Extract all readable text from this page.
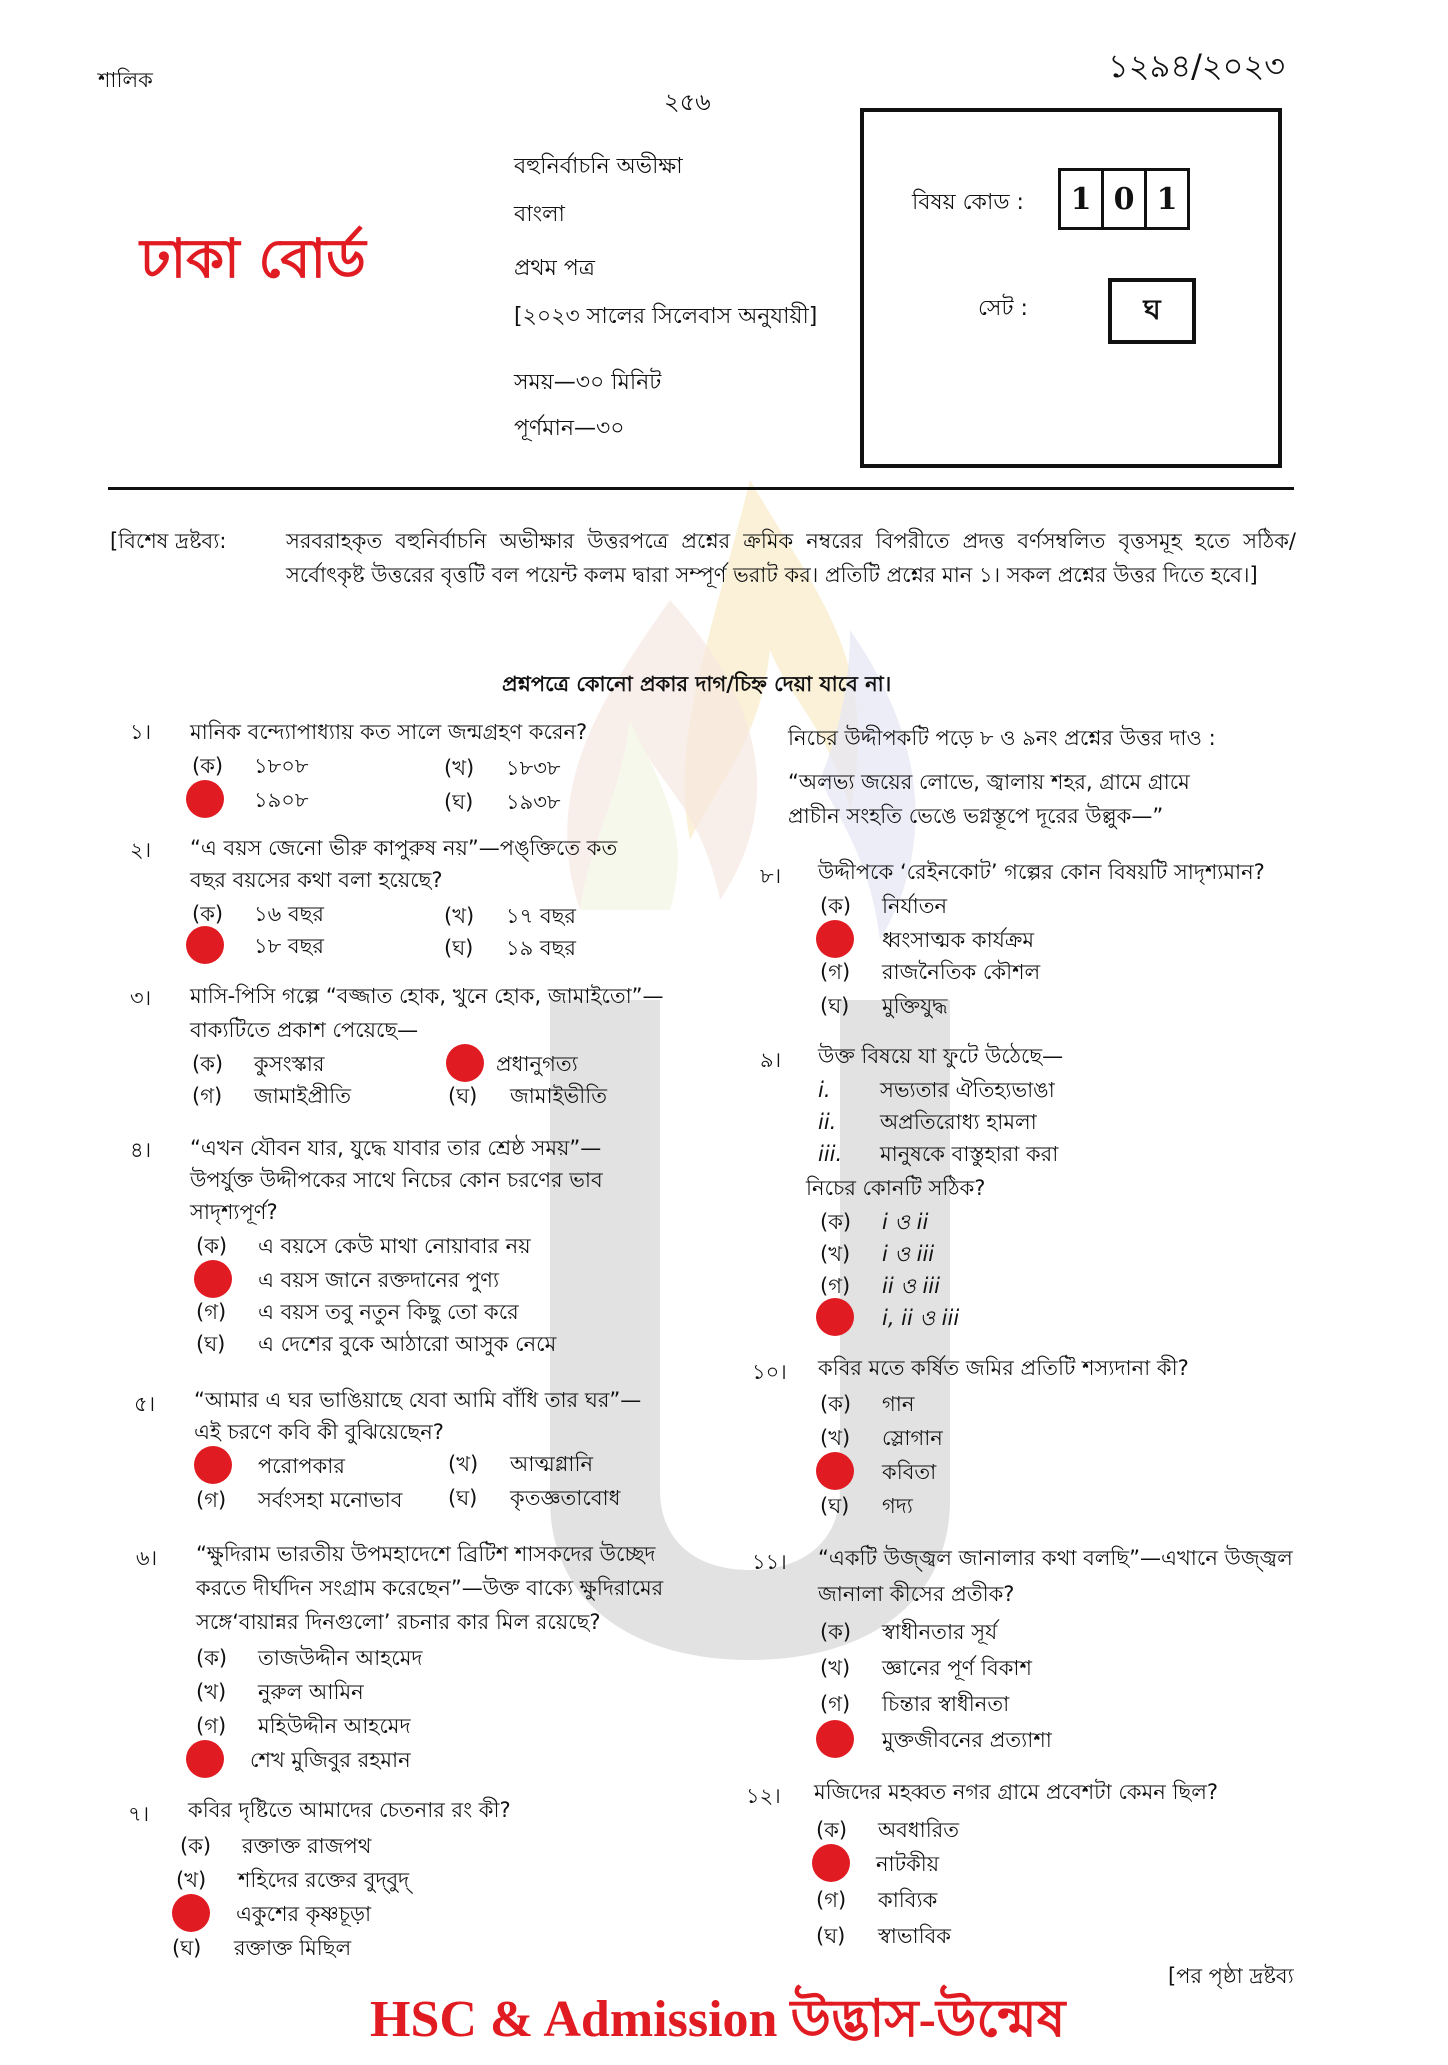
শালিক	১২৯৪/২০২৩
২৫৬
ঢাকা বোর্ড
বহুনির্বাচনি অভীক্ষা
বাংলা
প্রথম পত্র
[২০২৩ সালের সিলেবাস অনুযায়ী]
সময়—৩০ মিনিট
পূর্ণমান—৩০
বিষয় কোড :	1 0 1
সেট :	ঘ
[বিশেষ দ্রষ্টব্য:	সরবরাহকৃত বহুনির্বাচনি অভীক্ষার উত্তরপত্রে প্রশ্নের ক্রমিক নম্বরের বিপরীতে প্রদত্ত বর্ণসম্বলিত বৃত্তসমূহ হতে সঠিক/সর্বোৎকৃষ্ট উত্তরের বৃত্তটি বল পয়েন্ট কলম দ্বারা সম্পূর্ণ ভরাট কর। প্রতিটি প্রশ্নের মান ১। সকল প্রশ্নের উত্তর দিতে হবে।]
প্রশ্নপত্রে কোনো প্রকার দাগ/চিহ্ন দেয়া যাবে না।
১। মানিক বন্দ্যোপাধ্যায় কত সালে জন্মগ্রহণ করেন?
(ক) ১৮০৮	(খ) ১৮৩৮
১৯০৮	(ঘ) ১৯৩৮
২। “এ বয়স জেনো ভীরু কাপুরুষ নয়”—পঙ্‌ক্তিতে কত
বছর বয়সের কথা বলা হয়েছে?
(ক) ১৬ বছর	(খ) ১৭ বছর
১৮ বছর	(ঘ) ১৯ বছর
৩। মাসি-পিসি গল্পে “বজ্জাত হোক, খুনে হোক, জামাইতো”—
বাক্যটিতে প্রকাশ পেয়েছে—
(ক) কুসংস্কার	প্রধানুগত্য
(গ) জামাইপ্রীতি	(ঘ) জামাইভীতি
৪। “এখন যৌবন যার, যুদ্ধে যাবার তার শ্রেষ্ঠ সময়”—
উপর্যুক্ত উদ্দীপকের সাথে নিচের কোন চরণের ভাব
সাদৃশ্যপূর্ণ?
(ক) এ বয়সে কেউ মাথা নোয়াবার নয়
এ বয়স জানে রক্তদানের পুণ্য
(গ) এ বয়স তবু নতুন কিছু তো করে
(ঘ) এ দেশের বুকে আঠারো আসুক নেমে
৫। “আমার এ ঘর ভাঙিয়াছে যেবা আমি বাঁধি তার ঘর”—
এই চরণে কবি কী বুঝিয়েছেন?
পরোপকার	(খ) আত্মগ্লানি
(গ) সর্বংসহা মনোভাব (ঘ) কৃতজ্ঞতাবোধ
৬। “ক্ষুদিরাম ভারতীয় উপমহাদেশে ব্রিটিশ শাসকদের উচ্ছেদ
করতে দীর্ঘদিন সংগ্রাম করেছেন”—উক্ত বাক্যে ক্ষুদিরামের
সঙ্গে‘বায়ান্নর দিনগুলো’ রচনার কার মিল রয়েছে?
(ক) তাজউদ্দীন আহমেদ
(খ) নুরুল আমিন
(গ) মহিউদ্দীন আহমেদ
শেখ মুজিবুর রহমান
৭। কবির দৃষ্টিতে আমাদের চেতনার রং কী?
(ক) রক্তাক্ত রাজপথ
(খ) শহিদের রক্তের বুদ্‌বুদ্
একুশের কৃষ্ণচূড়া
(ঘ) রক্তাক্ত মিছিল
নিচের উদ্দীপকটি পড়ে ৮ ও ৯নং প্রশ্নের উত্তর দাও :
“অলভ্য জয়ের লোভে, জ্বালায় শহর, গ্রামে গ্রামে
প্রাচীন সংহতি ভেঙে ভগ্নস্তূপে দূরের উল্লুক—”
৮। উদ্দীপকে ‘রেইনকোট’ গল্পের কোন বিষয়টি সাদৃশ্যমান?
(ক) নির্যাতন
ধ্বংসাত্মক কার্যক্রম
(গ) রাজনৈতিক কৌশল
(ঘ) মুক্তিযুদ্ধ
৯। উক্ত বিষয়ে যা ফুটে উঠেছে—
i. সভ্যতার ঐতিহ্যভাঙা
ii. অপ্রতিরোধ্য হামলা
iii. মানুষকে বাস্তুহারা করা
নিচের কোনটি সঠিক?
(ক) i ও ii
(খ) i ও iii
(গ) ii ও iii
i, ii ও iii
১০। কবির মতে কর্ষিত জমির প্রতিটি শস্যদানা কী?
(ক) গান
(খ) স্লোগান
কবিতা
(ঘ) গদ্য
১১। “একটি উজ্জ্বল জানালার কথা বলছি”—এখানে উজ্জ্বল
জানালা কীসের প্রতীক?
(ক) স্বাধীনতার সূর্য
(খ) জ্ঞানের পূর্ণ বিকাশ
(গ) চিন্তার স্বাধীনতা
মুক্তজীবনের প্রত্যাশা
১২। মজিদের মহব্বত নগর গ্রামে প্রবেশটা কেমন ছিল?
(ক) অবধারিত
নাটকীয়
(গ) কাব্যিক
(ঘ) স্বাভাবিক
[পর পৃষ্ঠা দ্রষ্টব্য
HSC & Admission উদ্ভাস-উন্মেষ
